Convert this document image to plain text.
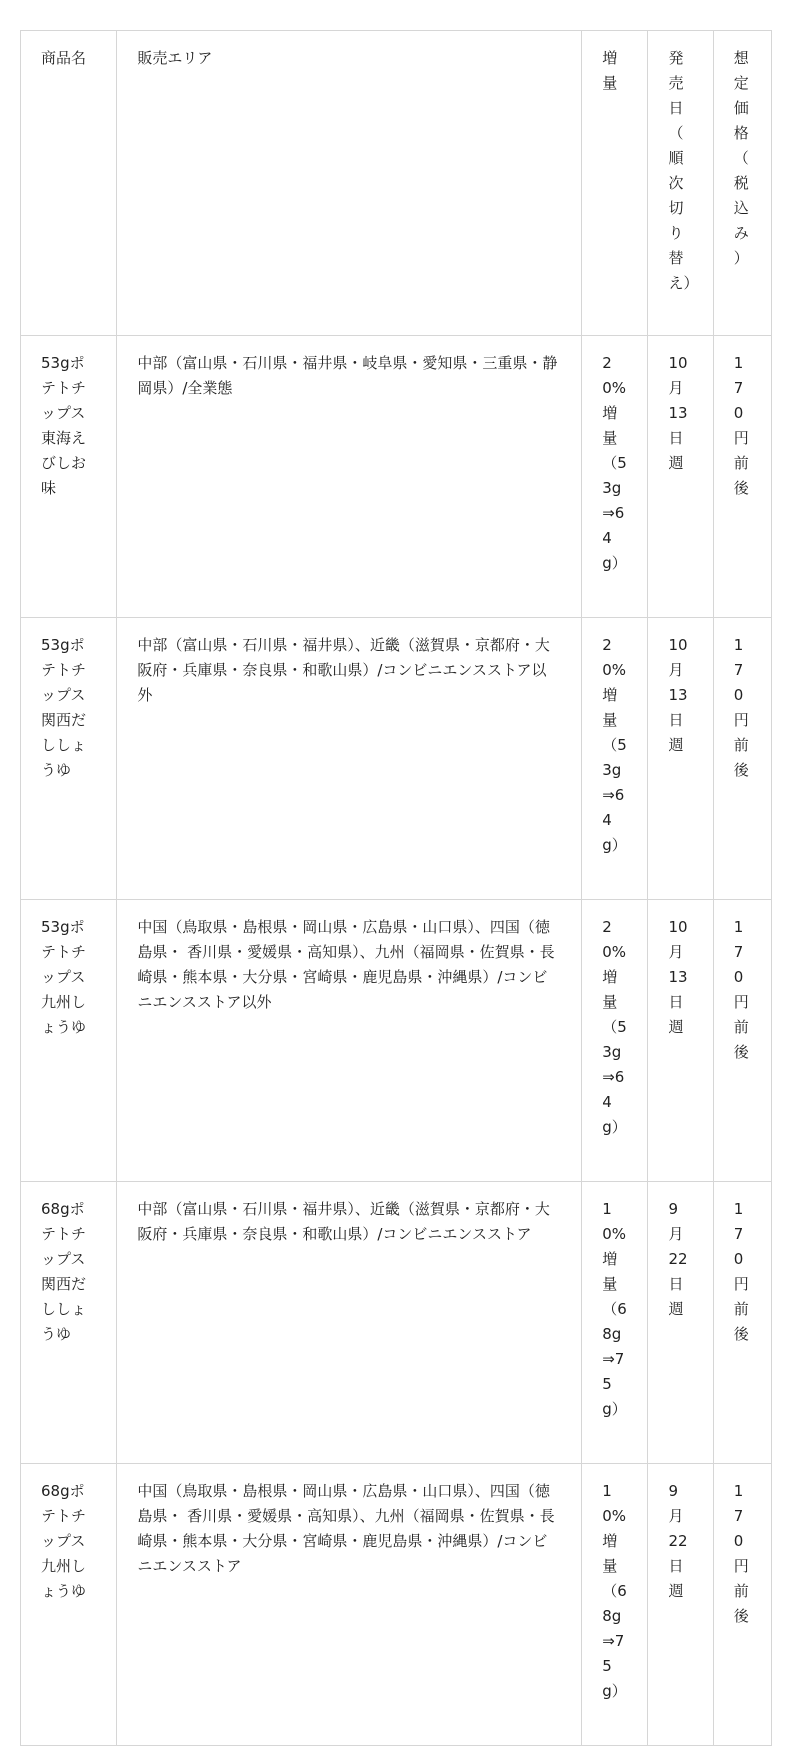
商品名	販売エリア	増量	発売日（順次切り替え）	想定価格（税込み）
53gポテトチップス東海えびしお味	中部（富山県・石川県・福井県・岐阜県・愛知県・三重県・静岡県）/全業態	20%増量（53g⇒64g）	10月13日週	170円前後
53gポテトチップス関西だししょうゆ	中部（富山県・石川県・福井県）、近畿（滋賀県・京都府・大阪府・兵庫県・奈良県・和歌山県）/コンビニエンスストア以外	20%増量（53g⇒64g）	10月13日週	170円前後
53gポテトチップス九州しょうゆ	中国（鳥取県・島根県・岡山県・広島県・山口県）、四国（徳島県・ 香川県・愛媛県・高知県）、九州（福岡県・佐賀県・長崎県・熊本県・大分県・宮崎県・鹿児島県・沖縄県）/コンビニエンスストア以外	20%増量（53g⇒64g）	10月13日週	170円前後
68gポテトチップス関西だししょうゆ	中部（富山県・石川県・福井県）、近畿（滋賀県・京都府・大阪府・兵庫県・奈良県・和歌山県）/コンビニエンスストア	10%増量（68g⇒75g）	9月22日週	170円前後
68gポテトチップス九州しょうゆ	中国（鳥取県・島根県・岡山県・広島県・山口県）、四国（徳島県・ 香川県・愛媛県・高知県）、九州（福岡県・佐賀県・長崎県・熊本県・大分県・宮崎県・鹿児島県・沖縄県）/コンビニエンスストア	10%増量（68g⇒75g）	9月22日週	170円前後
